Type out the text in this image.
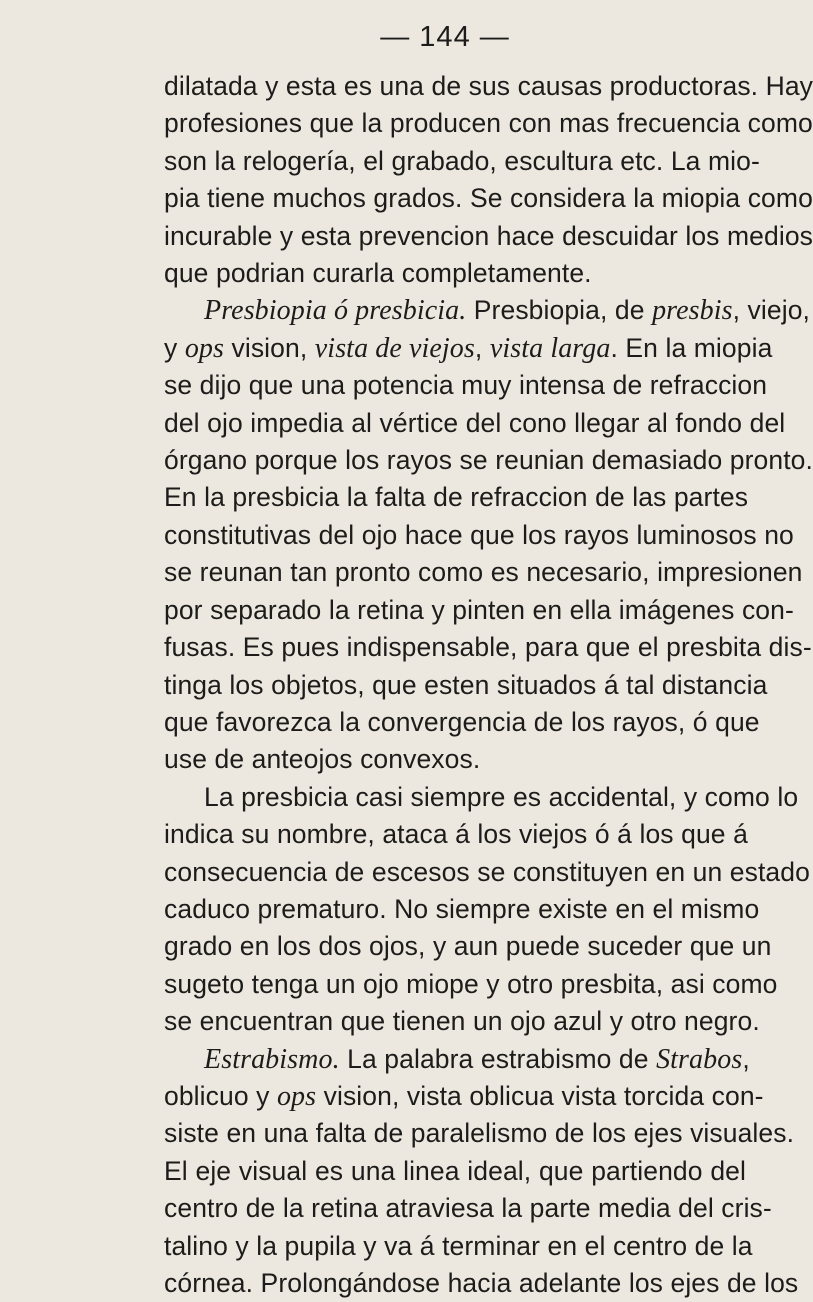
— 144 —
dilatada y esta es una de sus causas productoras. Hay
profesiones que la producen con mas frecuencia como
son la relogería, el grabado, escultura etc. La mio-
pia tiene muchos grados. Se considera la miopia como
incurable y esta prevencion hace descuidar los medios
que podrian curarla completamente.
Presbiopia ó presbicia. Presbiopia, de presbis, viejo,
y ops vision, vista de viejos, vista larga. En la miopia
se dijo que una potencia muy intensa de refraccion
del ojo impedia al vértice del cono llegar al fondo del
órgano porque los rayos se reunian demasiado pronto.
En la presbicia la falta de refraccion de las partes
constitutivas del ojo hace que los rayos luminosos no
se reunan tan pronto como es necesario, impresionen
por separado la retina y pinten en ella imágenes con-
fusas. Es pues indispensable, para que el presbita dis-
tinga los objetos, que esten situados á tal distancia
que favorezca la convergencia de los rayos, ó que
use de anteojos convexos.
La presbicia casi siempre es accidental, y como lo
indica su nombre, ataca á los viejos ó á los que á
consecuencia de escesos se constituyen en un estado
caduco prematuro. No siempre existe en el mismo
grado en los dos ojos, y aun puede suceder que un
sugeto tenga un ojo miope y otro presbita, asi como
se encuentran que tienen un ojo azul y otro negro.
Estrabismo. La palabra estrabismo de Strabos,
oblicuo y ops vision, vista oblicua vista torcida con-
siste en una falta de paralelismo de los ejes visuales.
El eje visual es una linea ideal, que partiendo del
centro de la retina atraviesa la parte media del cris-
talino y la pupila y va á terminar en el centro de la
córnea. Prolongándose hacia adelante los ejes de los
